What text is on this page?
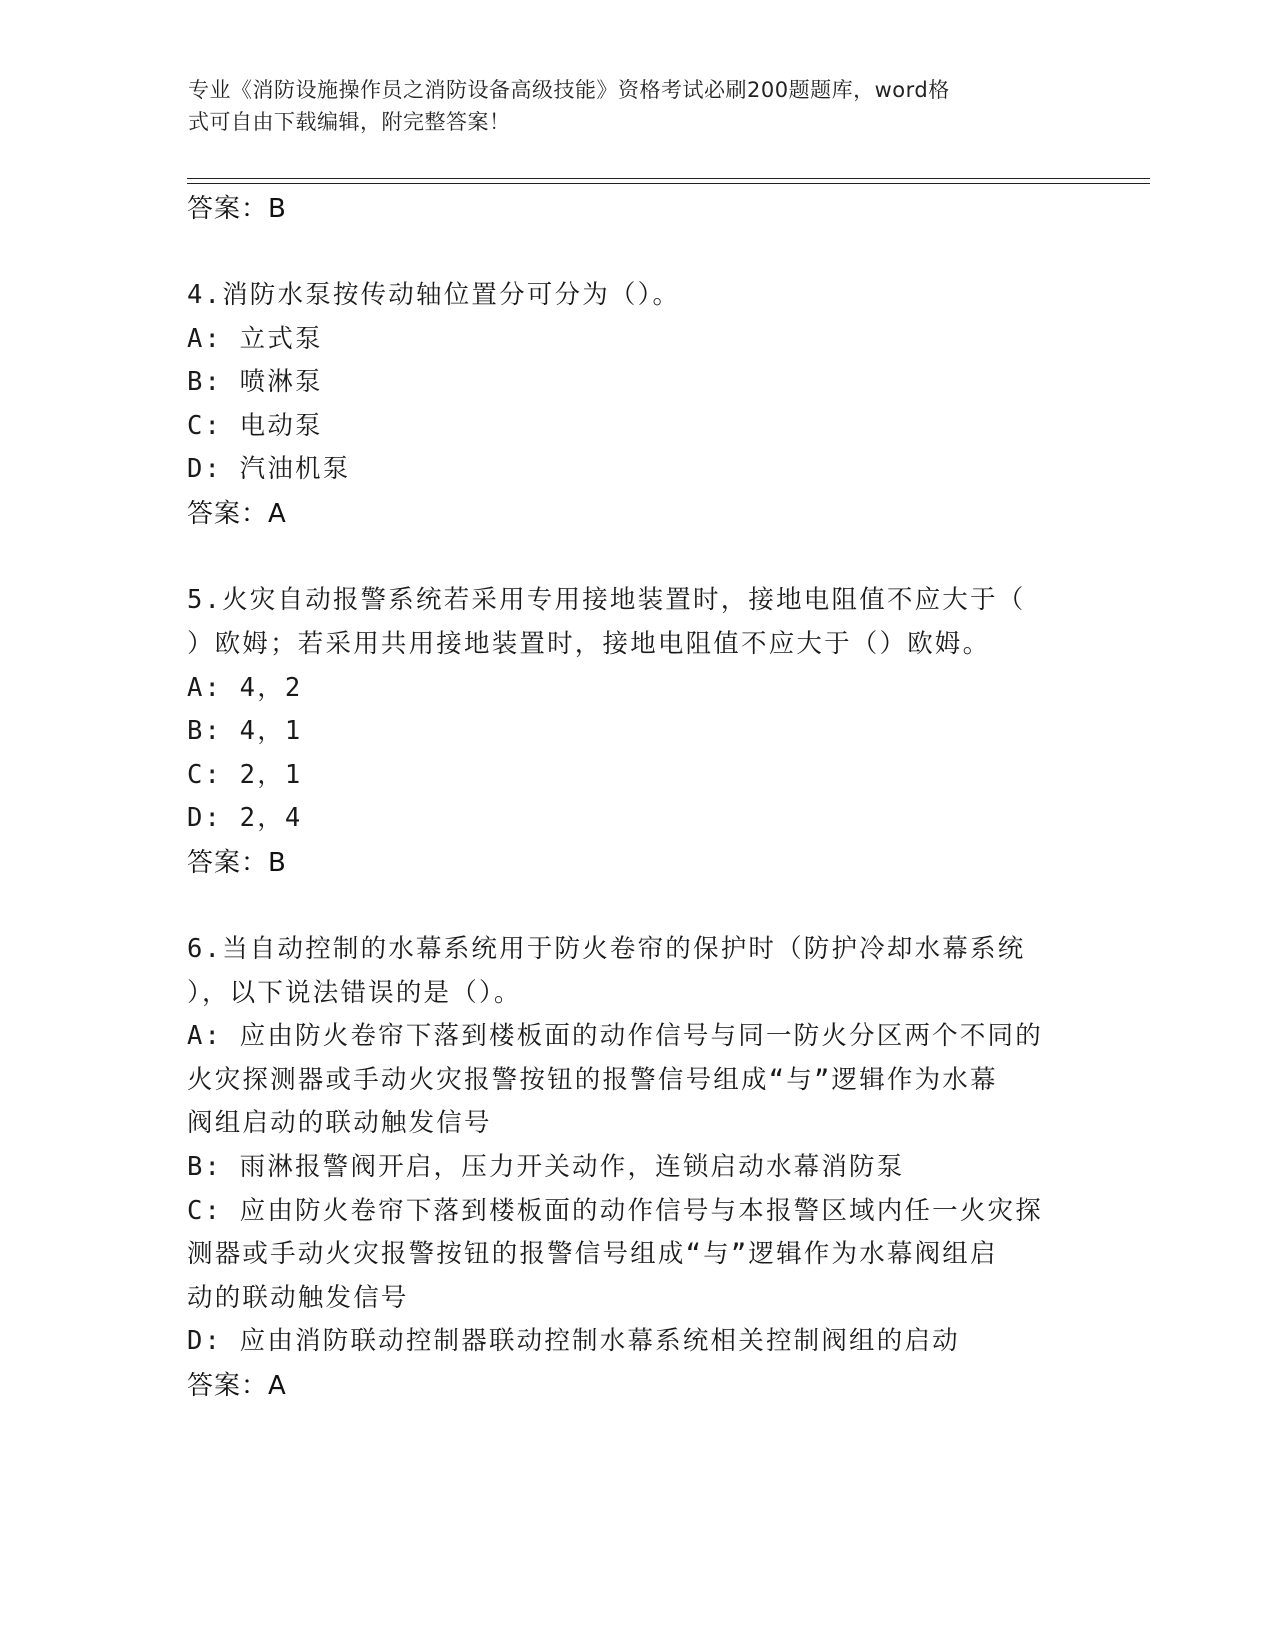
专业《消防设施操作员之消防设备高级技能》资格考试必刷200题题库，word格
式可自由下载编辑，附完整答案！
答案：B
4.消防水泵按传动轴位置分可分为（）。
A: 立式泵
B: 喷淋泵
C: 电动泵
D: 汽油机泵
答案：A
5.火灾自动报警系统若采用专用接地装置时，接地电阻值不应大于（
）欧姆；若采用共用接地装置时，接地电阻值不应大于（）欧姆。
A: 4，2
B: 4，1
C: 2，1
D: 2，4
答案：B
6.当自动控制的水幕系统用于防火卷帘的保护时（防护冷却水幕系统
），以下说法错误的是（）。
A: 应由防火卷帘下落到楼板面的动作信号与同一防火分区两个不同的
火灾探测器或手动火灾报警按钮的报警信号组成“与”逻辑作为水幕
阀组启动的联动触发信号
B: 雨淋报警阀开启，压力开关动作，连锁启动水幕消防泵
C: 应由防火卷帘下落到楼板面的动作信号与本报警区域内任一火灾探
测器或手动火灾报警按钮的报警信号组成“与”逻辑作为水幕阀组启
动的联动触发信号
D: 应由消防联动控制器联动控制水幕系统相关控制阀组的启动
答案：A
